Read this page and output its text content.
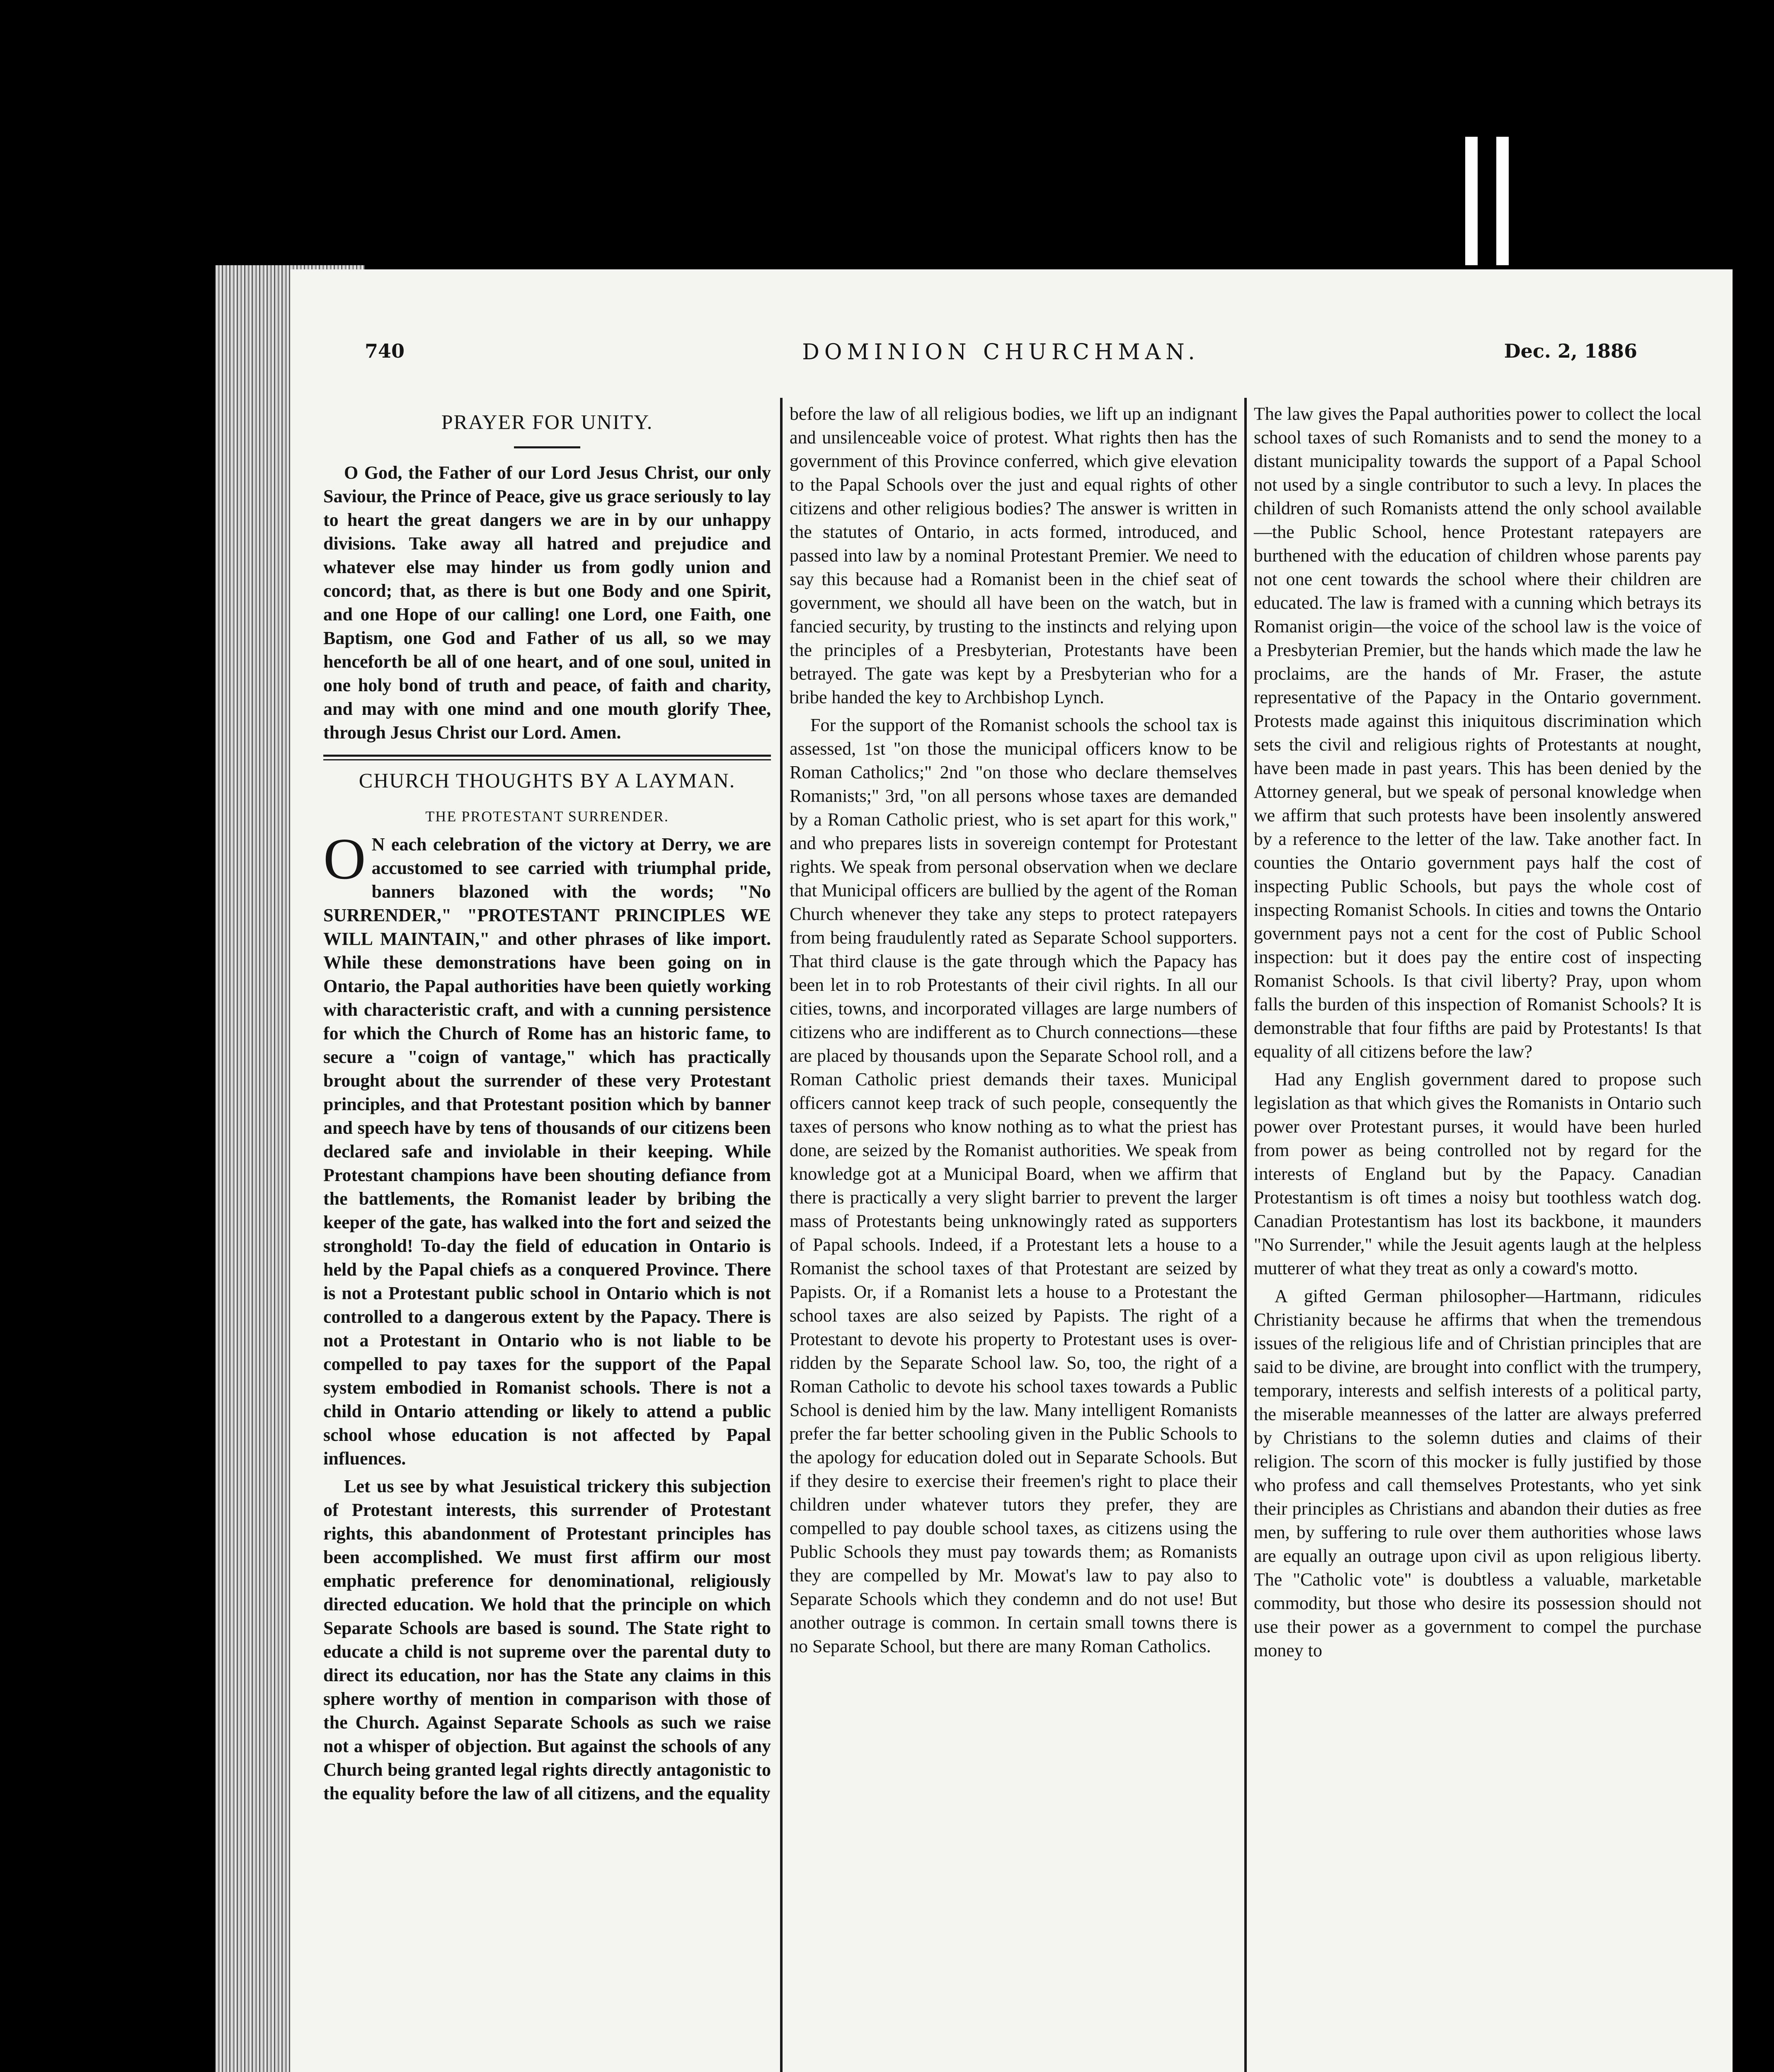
740	DOMINION CHURCHMAN.	Dec. 2, 1886
PRAYER FOR UNITY.

O God, the Father of our Lord Jesus Christ, our only Saviour, the Prince of Peace, give us grace seriously to lay to heart the great dangers we are in by our unhappy divisions. Take away all hatred and prejudice and whatever else may hinder us from godly union and concord; that, as there is but one Body and one Spirit, and one Hope of our calling! one Lord, one Faith, one Baptism, one God and Father of us all, so we may henceforth be all of one heart, and of one soul, united in one holy bond of truth and peace, of faith and charity, and may with one mind and one mouth glorify Thee, through Jesus Christ our Lord. Amen.

CHURCH THOUGHTS BY A LAYMAN.
THE PROTESTANT SURRENDER.

O N each celebration of the victory at Derry, we are accustomed to see carried with triumphal pride, banners blazoned with the words; "No SURRENDER," "PROTESTANT PRINCIPLES WE WILL MAINTAIN," and other phrases of like import. While these demonstrations have been going on in Ontario, the Papal authorities have been quietly working with characteristic craft, and with a cunning persistence for which the Church of Rome has an historic fame, to secure a "coign of vantage," which has practically brought about the surrender of these very Protestant principles, and that Protestant position which by banner and speech have by tens of thousands of our citizens been declared safe and inviolable in their keeping. While Protestant champions have been shouting defiance from the battlements, the Romanist leader by bribing the keeper of the gate, has walked into the fort and seized the stronghold! To-day the field of education in Ontario is held by the Papal chiefs as a conquered Province. There is not a Protestant public school in Ontario which is not controlled to a dangerous extent by the Papacy. There is not a Protestant in Ontario who is not liable to be compelled to pay taxes for the support of the Papal system embodied in Romanist schools. There is not a child in Ontario attending or likely to attend a public school whose education is not affected by Papal influences.

Let us see by what Jesuistical trickery this subjection of Protestant interests, this surrender of Protestant rights, this abandonment of Protestant principles has been accomplished. We must first affirm our most emphatic preference for denominational, religiously directed education. We hold that the principle on which Separate Schools are based is sound. The State right to educate a child is not supreme over the parental duty to direct its education, nor has the State any claims in this sphere worthy of mention in comparison with those of the Church. Against Separate Schools as such we raise not a whisper of objection. But against the schools of any Church being granted legal rights directly antagonistic to the equality before the law of all citizens, and the equality

before the law of all religious bodies, we lift up an indignant and unsilenceable voice of protest. What rights then has the government of this Province conferred, which give elevation to the Papal Schools over the just and equal rights of other citizens and other religious bodies? The answer is written in the statutes of Ontario, in acts formed, introduced, and passed into law by a nominal Protestant Premier. We need to say this because had a Romanist been in the chief seat of government, we should all have been on the watch, but in fancied security, by trusting to the instincts and relying upon the principles of a Presbyterian, Protestants have been betrayed. The gate was kept by a Presbyterian who for a bribe handed the key to Archbishop Lynch.

For the support of the Romanist schools the school tax is assessed, 1st "on those the municipal officers know to be Roman Catholics;" 2nd "on those who declare themselves Romanists;" 3rd, "on all persons whose taxes are demanded by a Roman Catholic priest, who is set apart for this work," and who prepares lists in sovereign contempt for Protestant rights. We speak from personal observation when we declare that Municipal officers are bullied by the agent of the Roman Church whenever they take any steps to protect ratepayers from being fraudulently rated as Separate School supporters. That third clause is the gate through which the Papacy has been let in to rob Protestants of their civil rights. In all our cities, towns, and incorporated villages are large numbers of citizens who are indifferent as to Church connections—these are placed by thousands upon the Separate School roll, and a Roman Catholic priest demands their taxes. Municipal officers cannot keep track of such people, consequently the taxes of persons who know nothing as to what the priest has done, are seized by the Romanist authorities. We speak from knowledge got at a Municipal Board, when we affirm that there is practically a very slight barrier to prevent the larger mass of Protestants being unknowingly rated as supporters of Papal schools. Indeed, if a Protestant lets a house to a Romanist the school taxes of that Protestant are seized by Papists. Or, if a Romanist lets a house to a Protestant the school taxes are also seized by Papists. The right of a Protestant to devote his property to Protestant uses is over-ridden by the Separate School law. So, too, the right of a Roman Catholic to devote his school taxes towards a Public School is denied him by the law. Many intelligent Romanists prefer the far better schooling given in the Public Schools to the apology for education doled out in Separate Schools. But if they desire to exercise their freemen's right to place their children under whatever tutors they prefer, they are compelled to pay double school taxes, as citizens using the Public Schools they must pay towards them; as Romanists they are compelled by Mr. Mowat's law to pay also to Separate Schools which they condemn and do not use! But another outrage is common. In certain small towns there is no Separate School, but there are many Roman Catholics.

The law gives the Papal authorities power to collect the local school taxes of such Romanists and to send the money to a distant municipality towards the support of a Papal School not used by a single contributor to such a levy. In places the children of such Romanists attend the only school available—the Public School, hence Protestant ratepayers are burthened with the education of children whose parents pay not one cent towards the school where their children are educated. The law is framed with a cunning which betrays its Romanist origin—the voice of the school law is the voice of a Presbyterian Premier, but the hands which made the law he proclaims, are the hands of Mr. Fraser, the astute representative of the Papacy in the Ontario government. Protests made against this iniquitous discrimination which sets the civil and religious rights of Protestants at nought, have been made in past years. This has been denied by the Attorney general, but we speak of personal knowledge when we affirm that such protests have been insolently answered by a reference to the letter of the law. Take another fact. In counties the Ontario government pays half the cost of inspecting Public Schools, but pays the whole cost of inspecting Romanist Schools. In cities and towns the Ontario government pays not a cent for the cost of Public School inspection: but it does pay the entire cost of inspecting Romanist Schools. Is that civil liberty? Pray, upon whom falls the burden of this inspection of Romanist Schools? It is demonstrable that four fifths are paid by Protestants! Is that equality of all citizens before the law?

Had any English government dared to propose such legislation as that which gives the Romanists in Ontario such power over Protestant purses, it would have been hurled from power as being controlled not by regard for the interests of England but by the Papacy. Canadian Protestantism is oft times a noisy but toothless watch dog. Canadian Protestantism has lost its backbone, it maunders "No Surrender," while the Jesuit agents laugh at the helpless mutterer of what they treat as only a coward's motto.

A gifted German philosopher—Hartmann, ridicules Christianity because he affirms that when the tremendous issues of the religious life and of Christian principles that are said to be divine, are brought into conflict with the trumpery, temporary, interests and selfish interests of a political party, the miserable meannesses of the latter are always preferred by Christians to the solemn duties and claims of their religion. The scorn of this mocker is fully justified by those who profess and call themselves Protestants, who yet sink their principles as Christians and abandon their duties as free men, by suffering to rule over them authorities whose laws are equally an outrage upon civil as upon religious liberty. The "Catholic vote" is doubtless a valuable, marketable commodity, but those who desire its possession should not use their power as a government to compel the purchase money to
